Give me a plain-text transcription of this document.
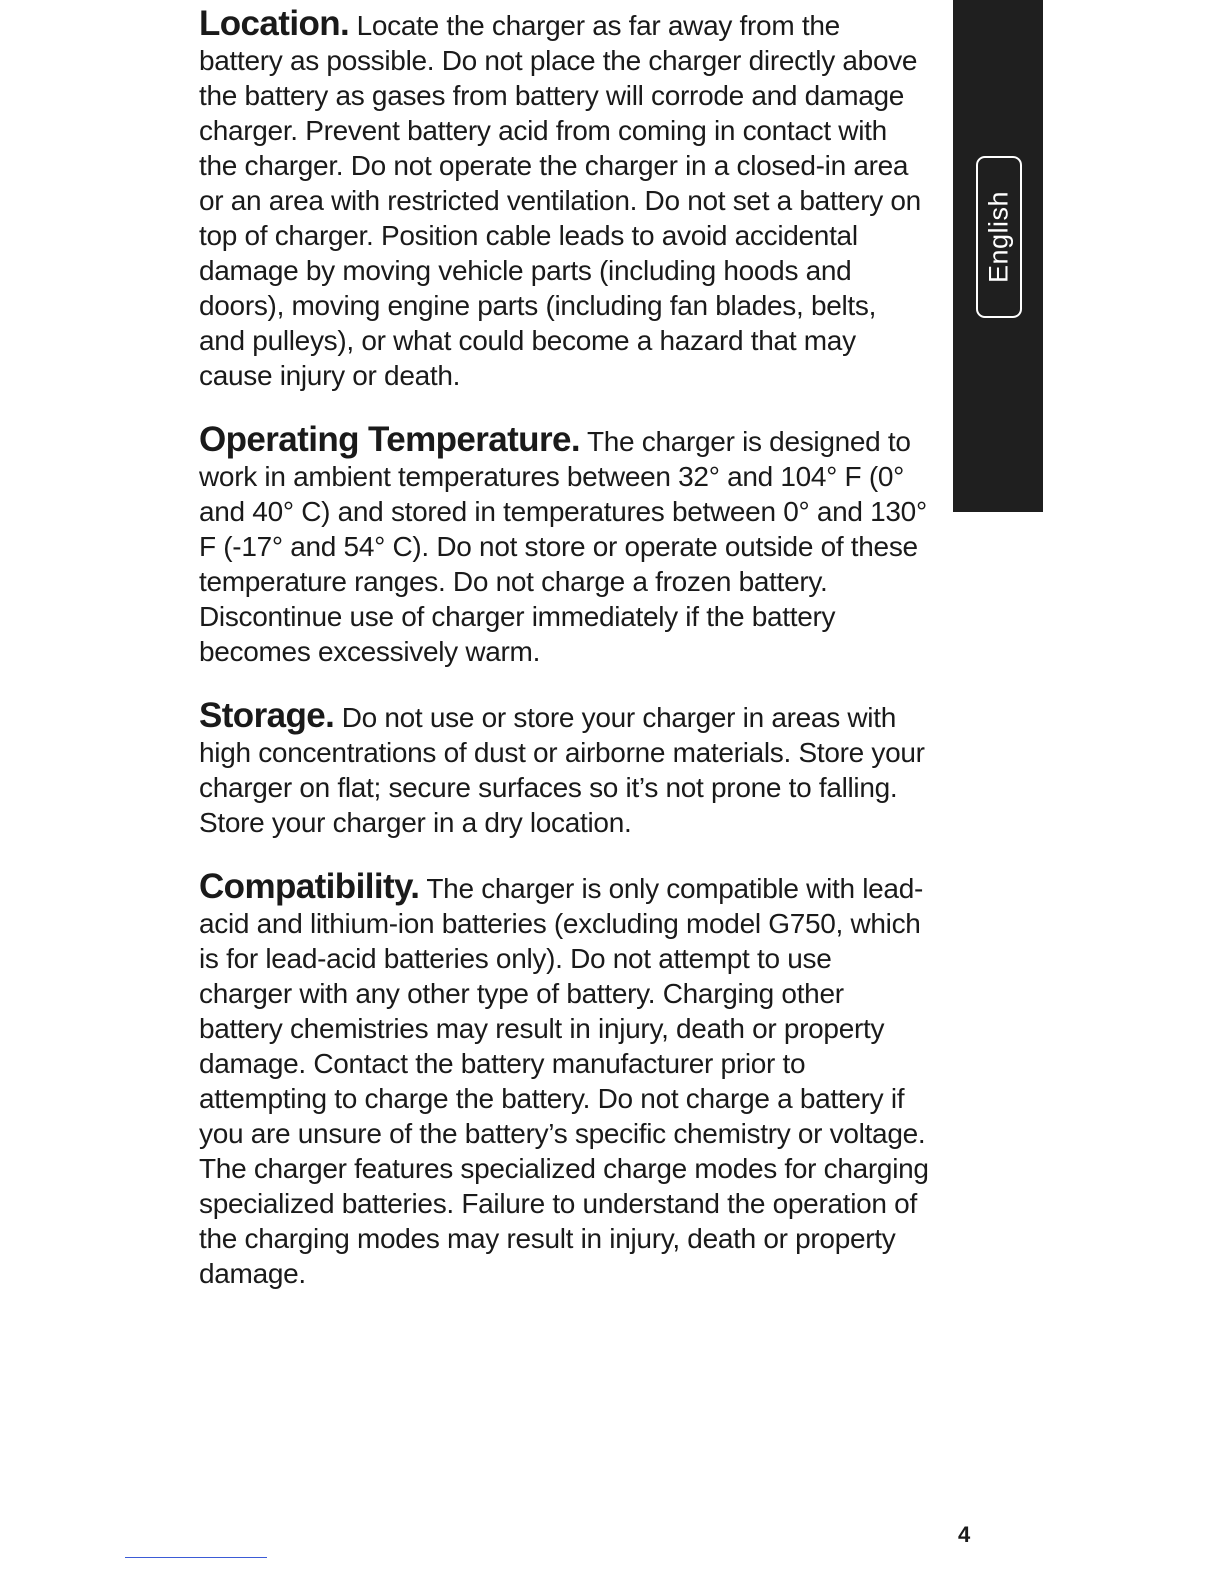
Location. Locate the charger as far away from the battery as possible. Do not place the charger directly above the battery as gases from battery will corrode and damage charger. Prevent battery acid from coming in contact with the charger. Do not operate the charger in a closed-in area or an area with restricted ventilation. Do not set a battery on top of charger. Position cable leads to avoid accidental damage by moving vehicle parts (including hoods and doors), moving engine parts (including fan blades, belts, and pulleys), or what could become a hazard that may cause injury or death.

Operating Temperature. The charger is designed to work in ambient temperatures between 32° and 104° F (0° and 40° C) and stored in temperatures between 0° and 130° F (-17° and 54° C). Do not store or operate outside of these temperature ranges. Do not charge a frozen battery. Discontinue use of charger immediately if the battery becomes excessively warm.

Storage. Do not use or store your charger in areas with high concentrations of dust or airborne materials. Store your charger on flat; secure surfaces so it’s not prone to falling. Store your charger in a dry location.

Compatibility. The charger is only compatible with lead-acid and lithium-ion batteries (excluding model G750, which is for lead-acid batteries only). Do not attempt to use charger with any other type of battery. Charging other battery chemistries may result in injury, death or property damage. Contact the battery manufacturer prior to attempting to charge the battery. Do not charge a battery if you are unsure of the battery’s specific chemistry or voltage. The charger features specialized charge modes for charging specialized batteries. Failure to understand the operation of the charging modes may result in injury, death or property damage.

English
4
